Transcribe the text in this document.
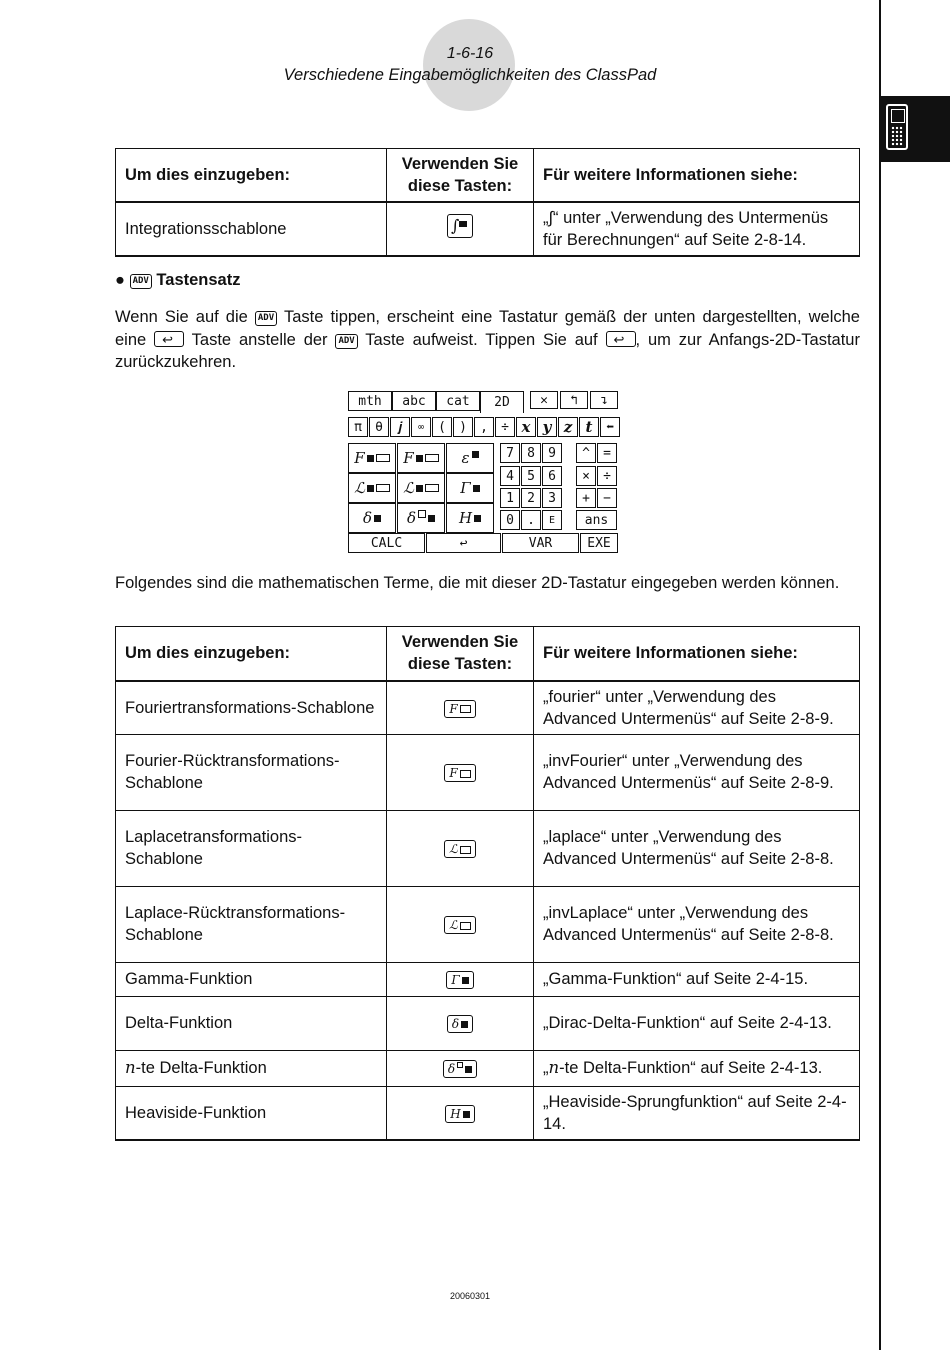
1-6-16
Verschiedene Eingabemöglichkeiten des ClassPad
Um dies einzugeben:	Verwenden Sie diese Tasten:	Für weitere Informationen siehe:
Integrationsschablone	∫	„∫“ unter „Verwendung des Untermenüs für Berechnungen“ auf Seite 2-8-14.
● ADV Tastensatz
Wenn Sie auf die ADV Taste tippen, erscheint eine Tastatur gemäß der unten dargestellten, welche eine ↩	Taste anstelle der ADV Taste aufweist. Tippen Sie auf ↩ , um zur Anfangs-2D-Tastatur zurückzukehren.
mth	abc	cat	2D	✕	↰	↴
π	θ	𝒋	∞	(	)	,	÷ x y z t	⬅
F	F	ε
ℒ	ℒ	Γ
δ δ	H
7	8	9	^	=
4	5	6	×	÷
1	2	3	+	−
0	.	E	ans
CALC	↩	VAR	EXE
Folgendes sind die mathematischen Terme, die mit dieser 2D-Tastatur eingegeben werden können.
Um dies einzugeben:	Verwenden Sie diese Tasten:	Für weitere Informationen siehe:
Fouriertransformations-Schablone	F	„fourier“ unter „Verwendung des Advanced Untermenüs“ auf Seite 2-8-9.
Fourier-Rücktransformations-Schablone	F	„invFourier“ unter „Verwendung des Advanced Untermenüs“ auf Seite 2-8-9.
Laplacetransformations-Schablone	ℒ	„laplace“ unter „Verwendung des Advanced Untermenüs“ auf Seite 2-8-8.
Laplace-Rücktransformations-Schablone	ℒ	„invLaplace“ unter „Verwendung des Advanced Untermenüs“ auf Seite 2-8-8.
Gamma-Funktion	Γ	„Gamma-Funktion“ auf Seite 2-4-15.
Delta-Funktion	δ	„Dirac-Delta-Funktion“ auf Seite 2-4-13.
n-te Delta-Funktion	δ	„n-te Delta-Funktion“ auf Seite 2-4-13.
Heaviside-Funktion	H	„Heaviside-Sprungfunktion“ auf Seite 2-4-14.
20060301
